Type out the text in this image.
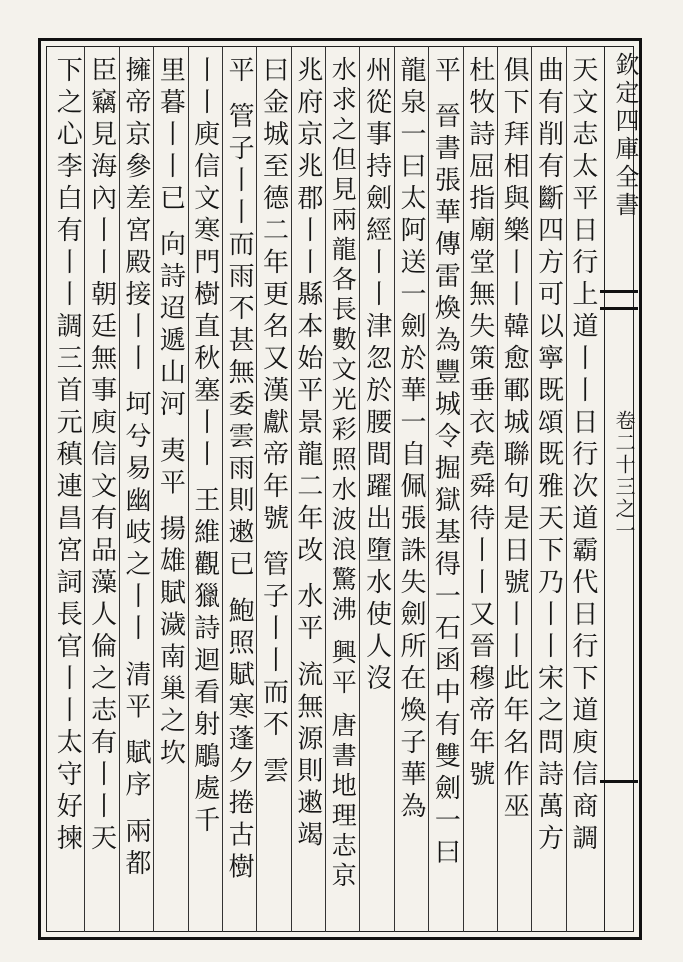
欽定四庫全書
卷二十三之一
天文志太平日行上道丨丨日行次道霸代日行下道庾信商調
曲有削有斷四方可以寧既頌既雅天下乃丨丨宋之問詩萬方
俱下拜相與樂丨丨韓愈鄆城聯句是日號丨丨此年名作巫
杜牧詩屈指廟堂無失策垂衣堯舜待丨丨又晉穆帝年號
平 晉書張華傳雷煥為豐城令掘獄基得一石函中有雙劍一曰
龍泉一曰太阿送一劍於華一自佩張誅失劍所在煥子華為
州從事持劍經丨丨津忽於腰間躍出墮水使人沒
水求之但見兩龍各長數文光彩照水波浪驚沸 興平 唐書地理志京
兆府京兆郡丨丨縣本始平景龍二年改 水平 流無源則遫竭
曰金城至德二年更名又漢獻帝年號 管子丨丨而不 雲
平 管子丨丨而雨不甚無委雲雨則遫已 鮑照賦寒蓬夕捲古樹
丨丨庾信文寒門樹直秋塞丨丨 王維觀獵詩迴看射鵰處千
里暮丨丨已 向詩迢遞山河 夷平 揚雄賦濊南巢之坎
擁帝京參差宮殿接丨丨 坷兮易幽岐之丨丨 清平 賦序 兩都
臣竊見海內丨丨朝廷無事庾信文有品藻人倫之志有丨丨天
下之心李白有丨丨調三首元稹連昌宮詞長官丨丨太守好揀
